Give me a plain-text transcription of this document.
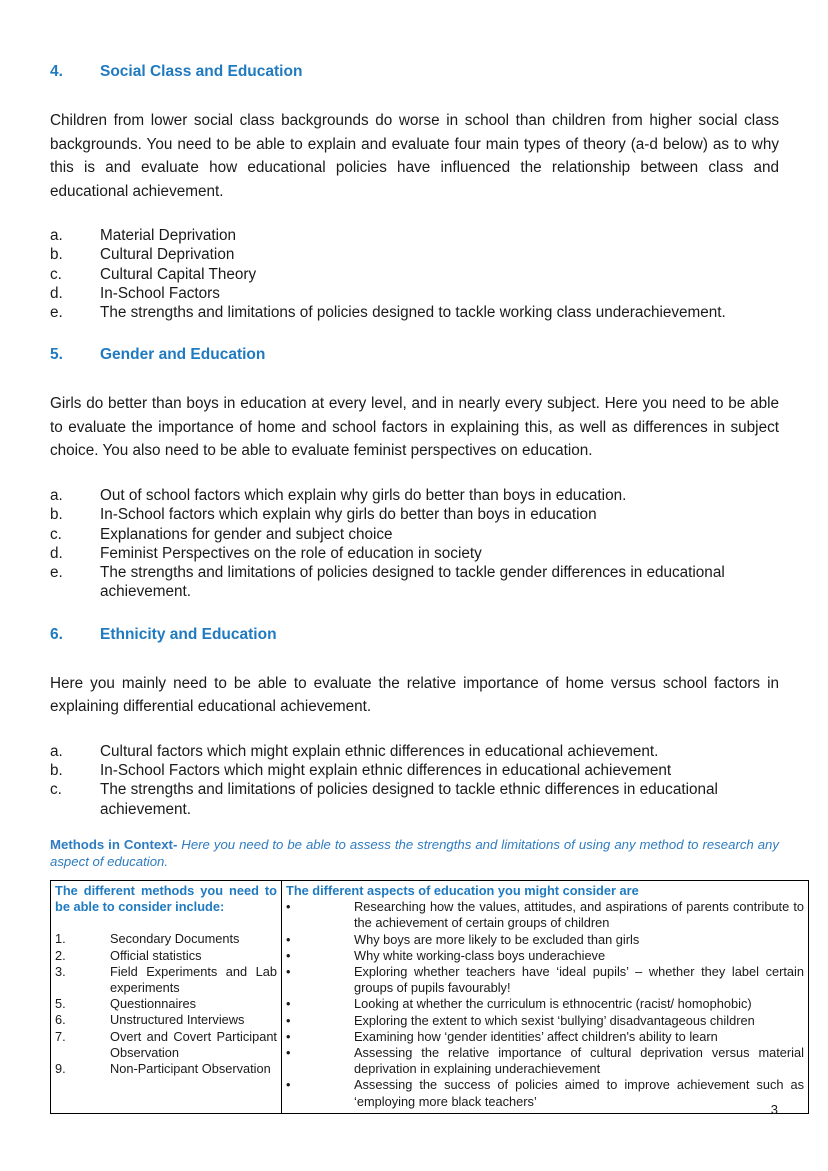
4.	Social Class and Education

Children from lower social class backgrounds do worse in school than children from higher social class backgrounds. You need to be able to explain and evaluate four main types of theory (a-d below) as to why this is and evaluate how educational policies have influenced the relationship between class and educational achievement.

a. Material Deprivation
b. Cultural Deprivation
c. Cultural Capital Theory
d. In-School Factors
e. The strengths and limitations of policies designed to tackle working class underachievement.
5.	Gender and Education

Girls do better than boys in education at every level, and in nearly every subject. Here you need to be able to evaluate the importance of home and school factors in explaining this, as well as differences in subject choice. You also need to be able to evaluate feminist perspectives on education.

a. Out of school factors which explain why girls do better than boys in education.
b. In-School factors which explain why girls do better than boys in education
c. Explanations for gender and subject choice
d. Feminist Perspectives on the role of education in society
e. The strengths and limitations of policies designed to tackle gender differences in educational achievement.
6.	Ethnicity and Education

Here you mainly need to be able to evaluate the relative importance of home versus school factors in explaining differential educational achievement.

a. Cultural factors which might explain ethnic differences in educational achievement.
b. In-School Factors which might explain ethnic differences in educational achievement
c. The strengths and limitations of policies designed to tackle ethnic differences in educational achievement.

Methods in Context- Here you need to be able to assess the strengths and limitations of using any method to research any aspect of education.

The different methods you need to be able to consider include:
1.	Secondary Documents
2.	Official statistics
3.	Field Experiments and Lab experiments
5.	Questionnaires
6.	Unstructured Interviews
7.	Overt and Covert Participant Observation
9.	Non-Participant Observation

The different aspects of education you might consider are
•	Researching how the values, attitudes, and aspirations of parents contribute to the achievement of certain groups of children
•	Why boys are more likely to be excluded than girls
•	Why white working-class boys underachieve
•	Exploring whether teachers have ‘ideal pupils’ – whether they label certain groups of pupils favourably!
•	Looking at whether the curriculum is ethnocentric (racist/ homophobic)
•	Exploring the extent to which sexist ‘bullying’ disadvantageous children
•	Examining how ‘gender identities’ affect children's ability to learn
•	Assessing the relative importance of cultural deprivation versus material deprivation in explaining underachievement
•	Assessing the success of policies aimed to improve achievement such as ‘employing more black teachers’
3
